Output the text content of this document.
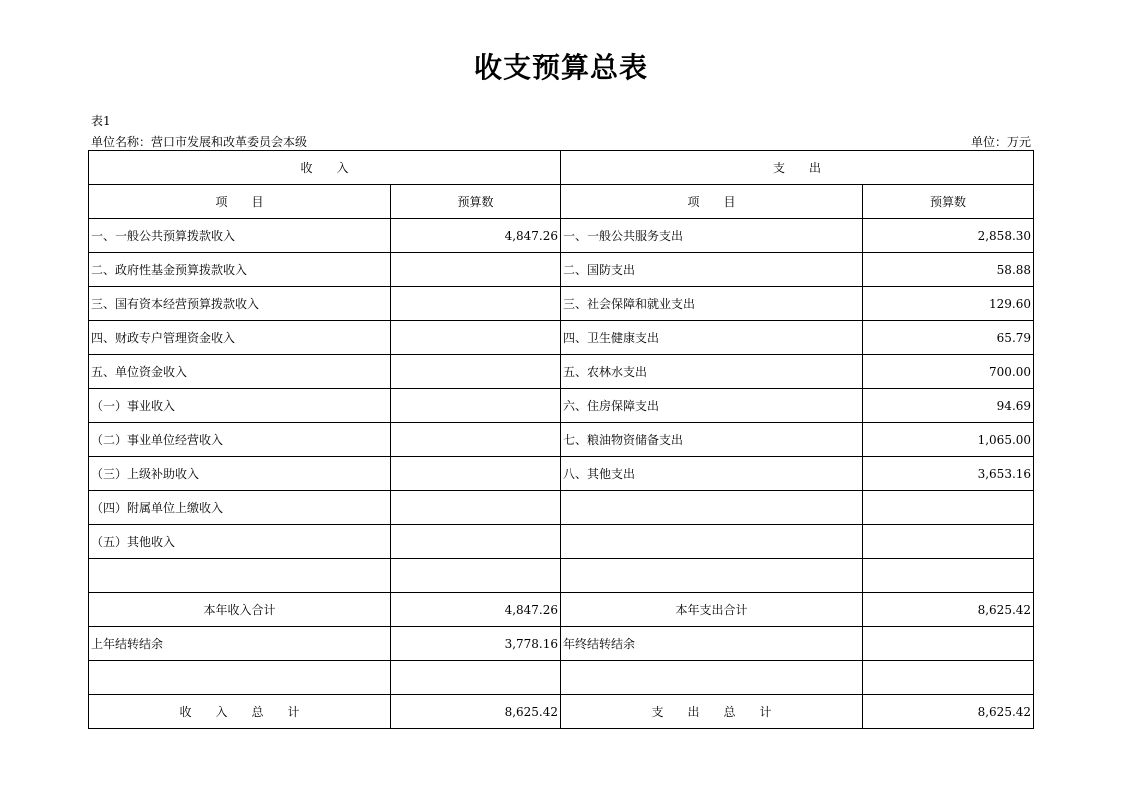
收支预算总表
表1
单位名称：营口市发展和改革委员会本级	单位：万元
收　　入		支　　出	
项　　目	预算数	项　　目	预算数
一、一般公共预算拨款收入	4,847.26	一、一般公共服务支出	2,858.30
二、政府性基金预算拨款收入		二、国防支出	58.88
三、国有资本经营预算拨款收入		三、社会保障和就业支出	129.60
四、财政专户管理资金收入		四、卫生健康支出	65.79
五、单位资金收入		五、农林水支出	700.00
（一）事业收入		六、住房保障支出	94.69
（二）事业单位经营收入		七、粮油物资储备支出	1,065.00
（三）上级补助收入		八、其他支出	3,653.16
（四）附属单位上缴收入			
（五）其他收入			

本年收入合计	4,847.26	本年支出合计	8,625.42
上年结转结余	3,778.16	年终结转结余	

收　　入　　总　　计	8,625.42	支　　出　　总　　计	8,625.42
